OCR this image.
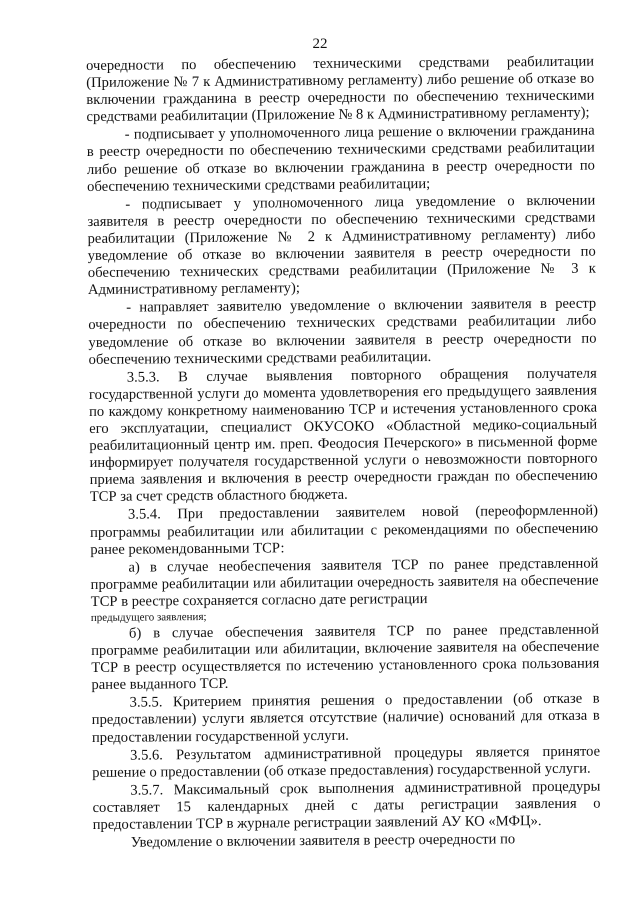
22

очередности по обеспечению техническими средствами реабилитации (Приложение № 7 к Административному регламенту) либо решение об отказе во включении гражданина в реестр очередности по обеспечению техническими средствами реабилитации (Приложение № 8 к Административному регламенту);

- подписывает у уполномоченного лица решение о включении гражданина в реестр очередности по обеспечению техническими средствами реабилитации либо решение об отказе во включении гражданина в реестр очередности по обеспечению техническими средствами реабилитации;

- подписывает у уполномоченного лица уведомление о включении заявителя в реестр очередности по обеспечению техническими средствами реабилитации (Приложение № 2 к Административному регламенту) либо уведомление об отказе во включении заявителя в реестр очередности по обеспечению технических средствами реабилитации (Приложение № 3 к Административному регламенту);

- направляет заявителю уведомление о включении заявителя в реестр очередности по обеспечению технических средствами реабилитации либо уведомление об отказе во включении заявителя в реестр очередности по обеспечению техническими средствами реабилитации.

3.5.3. В случае выявления повторного обращения получателя государственной услуги до момента удовлетворения его предыдущего заявления по каждому конкретному наименованию ТСР и истечения установленного срока его эксплуатации, специалист ОКУСОКО «Областной медико-социальный реабилитационный центр им. преп. Феодосия Печерского» в письменной форме информирует получателя государственной услуги о невозможности повторного приема заявления и включения в реестр очередности граждан по обеспечению ТСР за счет средств областного бюджета.

3.5.4. При предоставлении заявителем новой (переоформленной) программы реабилитации или абилитации с рекомендациями по обеспечению ранее рекомендованными ТСР:

а) в случае необеспечения заявителя ТСР по ранее представленной программе реабилитации или абилитации очередность заявителя на обеспечение ТСР в реестре сохраняется согласно дате регистрации

предыдущего заявления;

б) в случае обеспечения заявителя ТСР по ранее представленной программе реабилитации или абилитации, включение заявителя на обеспечение ТСР в реестр осуществляется по истечению установленного срока пользования ранее выданного ТСР.

3.5.5. Критерием принятия решения о предоставлении (об отказе в предоставлении) услуги является отсутствие (наличие) оснований для отказа в предоставлении государственной услуги.

3.5.6. Результатом административной процедуры является принятое решение о предоставлении (об отказе предоставления) государственной услуги.

3.5.7. Максимальный срок выполнения административной процедуры составляет 15 календарных дней с даты регистрации заявления о предоставлении ТСР в журнале регистрации заявлений АУ КО «МФЦ».

Уведомление о включении заявителя в реестр очередности по
